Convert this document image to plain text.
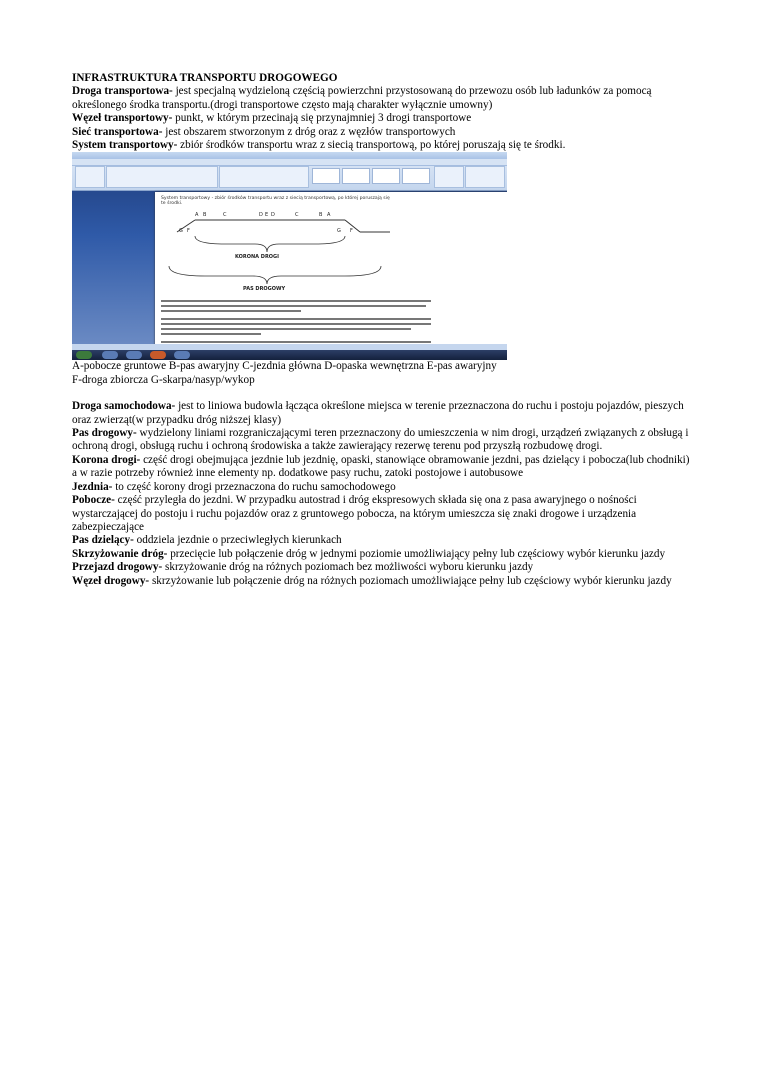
INFRASTRUKTURA TRANSPORTU DROGOWEGO

Droga transportowa- jest specjalną wydzieloną częścią powierzchni przystosowaną do przewozu osób lub ładunków za pomocą określonego środka transportu.(drogi transportowe często mają charakter wyłącznie umowny)

Węzeł transportowy- punkt, w którym przecinają się przynajmniej 3 drogi transportowe

Sieć transportowa- jest obszarem stworzonym z dróg oraz z węzłów transportowych

System transportowy- zbiór środków transportu wraz z siecią transportową, po której poruszają się te środki.

System transportowy - zbiór środków transportu wraz z siecią transportową, po której poruszają się te środki.
A B	C	D E D	C	B A
G F	G F
KORONA DROGI
PAS DROGOWY
A-pobocze gruntowe B-pas awaryjny C-jezdnia główna D-opaska wewnętrzna E-pas awaryjny
F-droga zbiorcza G-skarpa/nasyp/wykop

Droga samochodowa- jest to liniowa budowla łącząca określone miejsca w terenie przeznaczona do ruchu i postoju pojazdów, pieszych oraz zwierząt(w przypadku dróg niższej klasy)

Pas drogowy- wydzielony liniami rozgraniczającymi teren przeznaczony do umieszczenia w nim drogi, urządzeń związanych z obsługą i ochroną drogi, obsługą ruchu i ochroną środowiska a także zawierający rezerwę terenu pod przyszłą rozbudowę drogi.

Korona drogi- część drogi obejmująca jezdnie lub jezdnię, opaski, stanowiące obramowanie jezdni, pas dzielący i pobocza(lub chodniki) a w razie potrzeby również inne elementy np. dodatkowe pasy ruchu, zatoki postojowe i autobusowe

Jezdnia- to część korony drogi przeznaczona do ruchu samochodowego

Pobocze- część przyległa do jezdni. W przypadku autostrad i dróg ekspresowych składa się ona z pasa awaryjnego o nośności wystarczającej do postoju i ruchu pojazdów oraz z gruntowego pobocza, na którym umieszcza się znaki drogowe i urządzenia zabezpieczające

Pas dzielący- oddziela jezdnie o przeciwległych kierunkach

Skrzyżowanie dróg- przecięcie lub połączenie dróg w jednymi poziomie umożliwiający pełny lub częściowy wybór kierunku jazdy

Przejazd drogowy- skrzyżowanie dróg na różnych poziomach bez możliwości wyboru kierunku jazdy

Węzeł drogowy- skrzyżowanie lub połączenie dróg na różnych poziomach umożliwiające pełny lub częściowy wybór kierunku jazdy
